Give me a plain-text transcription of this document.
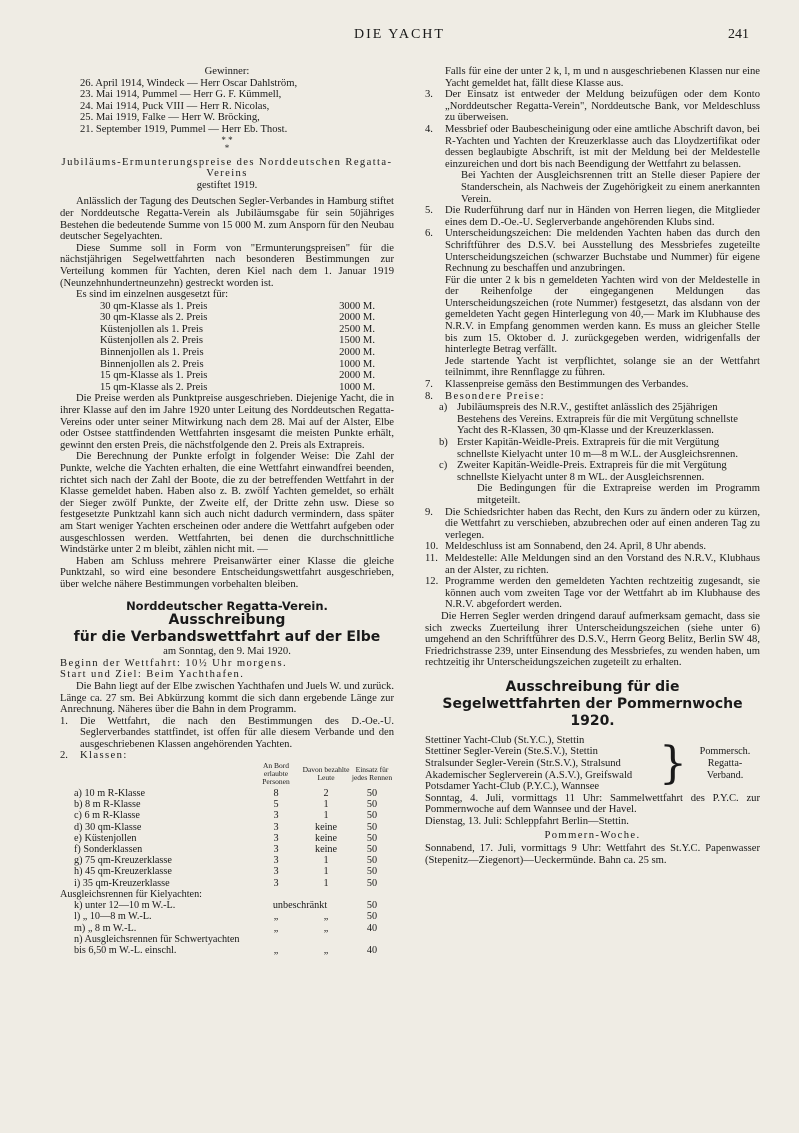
DIE YACHT	241
Gewinner:
26. April 1914, Windeck — Herr Oscar Dahlström,
23. Mai 1914, Pummel — Herr G. F. Kümmell,
24. Mai 1914, Puck VIII — Herr R. Nicolas,
25. Mai 1919, Falke — Herr W. Bröcking,
21. September 1919, Pummel — Herr Eb. Thost.
* *
*
Jubiläums-Ermunterungspreise des Norddeutschen Regatta-Vereins
gestiftet 1919.

Anlässlich der Tagung des Deutschen Segler-Verbandes in Hamburg stiftet der Norddeutsche Regatta-Verein als Jubiläumsgabe für sein 50jähriges Bestehen die bedeutende Summe von 15 000 M. zum Ansporn für den Neubau deutscher Segelyachten.

Diese Summe soll in Form von "Ermunterungspreisen" für die nächstjährigen Segelwettfahrten nach besonderen Bestimmungen zur Verteilung kommen für Yachten, deren Kiel nach dem 1. Januar 1919 (Neunzehnhundertneunzehn) gestreckt worden ist.

Es sind im einzelnen ausgesetzt für:

30 qm-Klasse als 1. Preis	3000 M.
30 qm-Klasse als 2. Preis	2000 M.
Küstenjollen als 1. Preis	2500 M.
Küstenjollen als 2. Preis	1500 M.
Binnenjollen als 1. Preis	2000 M.
Binnenjollen als 2. Preis	1000 M.
15 qm-Klasse als 1. Preis	2000 M.
15 qm-Klasse als 2. Preis	1000 M.

Die Preise werden als Punktpreise ausgeschrieben. Diejenige Yacht, die in ihrer Klasse auf den im Jahre 1920 unter Leitung des Norddeutschen Regatta-Vereins oder unter seiner Mitwirkung nach dem 28. Mai auf der Alster, Elbe oder Ostsee stattfindenden Wettfahrten insgesamt die meisten Punkte erhält, gewinnt den ersten Preis, die nächstfolgende den 2. Preis als Extrapreis.

Die Berechnung der Punkte erfolgt in folgender Weise: Die Zahl der Punkte, welche die Yachten erhalten, die eine Wettfahrt einwandfrei beenden, richtet sich nach der Zahl der Boote, die zu der betreffenden Wettfahrt in der Klasse gemeldet haben. Haben also z. B. zwölf Yachten gemeldet, so erhält der Sieger zwölf Punkte, der Zweite elf, der Dritte zehn usw. Diese so festgesetzte Punktzahl kann sich auch nicht dadurch vermindern, dass später am Start weniger Yachten erscheinen oder andere die Wettfahrt aufgeben oder ausgeschlossen werden. Wettfahrten, bei denen die durchschnittliche Windstärke unter 2 m bleibt, zählen nicht mit. —

Haben am Schluss mehrere Preisanwärter einer Klasse die gleiche Punktzahl, so wird eine besondere Entscheidungswettfahrt ausgeschrieben, über welche nähere Bestimmungen vorbehalten bleiben.

Norddeutscher Regatta-Verein.
Ausschreibung
für die Verbandswettfahrt auf der Elbe
am Sonntag, den 9. Mai 1920.

Beginn der Wettfahrt: 10½ Uhr morgens.

Start und Ziel: Beim Yachthafen.

Die Bahn liegt auf der Elbe zwischen Yachthafen und Juels W. und zurück. Länge ca. 27 sm. Bei Abkürzung kommt die sich dann ergebende Länge zur Anrechnung. Näheres über die Bahn in dem Programm.

1.	Die Wettfahrt, die nach den Bestimmungen des D.-Oe.-U. Seglerverbandes stattfindet, ist offen für alle diesem Verbande und den ausgeschriebenen Klassen angehörenden Yachten.
2.	Klassen:
	An Bord erlaubte Personen	Davon bezahlte Leute	Einsatz für jedes Rennen
a) 10 m R-Klasse	8	2	50
b) 8 m R-Klasse	5	1	50
c) 6 m R-Klasse	3	1	50
d) 30 qm-Klasse	3	keine	50
e) Küstenjollen	3	keine	50
f) Sonderklassen	3	keine	50
g) 75 qm-Kreuzerklasse	3	1	50
h) 45 qm-Kreuzerklasse	3	1	50
i) 35 qm-Kreuzerklasse	3	1	50
Ausgleichsrennen für Kielyachten:			
k) unter 12—10 m W.-L.	unbeschränkt		50
l) „ 10—8 m W.-L.	„	„	50
m) „ 8 m W.-L.	„	„	40
n) Ausgleichsrennen für Schwertyachten bis 6,50 m W.-L. einschl.	„	„	40

Falls für eine der unter 2 k, l, m und n ausgeschriebenen Klassen nur eine Yacht gemeldet hat, fällt diese Klasse aus.

3.	Der Einsatz ist entweder der Meldung beizufügen oder dem Konto „Norddeutscher Regatta-Verein", Norddeutsche Bank, vor Meldeschluss zu überweisen.
4.	Messbrief oder Baubescheinigung oder eine amtliche Abschrift davon, bei R-Yachten und Yachten der Kreuzerklasse auch das Lloydzertifikat oder dessen beglaubigte Abschrift, ist mit der Meldung bei der Meldestelle einzureichen und dort bis nach Beendigung der Wettfahrt zu belassen.
Bei Yachten der Ausgleichsrennen tritt an Stelle dieser Papiere der Standerschein, als Nachweis der Zugehörigkeit zu einem anerkannten Verein.
5.	Die Ruderführung darf nur in Händen von Herren liegen, die Mitglieder eines dem D.-Oe.-U. Seglerverbande angehörenden Klubs sind.
6.	Unterscheidungszeichen: Die meldenden Yachten haben das durch den Schriftführer des D.S.V. bei Ausstellung des Messbriefes zugeteilte Unterscheidungszeichen (schwarzer Buchstabe und Nummer) für eigene Rechnung zu beschaffen und anzubringen.
Für die unter 2 k bis n gemeldeten Yachten wird von der Meldestelle in der Reihenfolge der eingegangenen Meldungen das Unterscheidungszeichen (rote Nummer) festgesetzt, das alsdann von der gemeldeten Yacht gegen Hinterlegung von 40,— Mark im Klubhause des N.R.V. in Empfang genommen werden kann. Es muss an gleicher Stelle bis zum 15. Oktober d. J. zurückgegeben werden, widrigenfalls der hinterlegte Betrag verfällt.
Jede startende Yacht ist verpflichtet, solange sie an der Wettfahrt teilnimmt, ihre Rennflagge zu führen.
7.	Klassenpreise gemäss den Bestimmungen des Verbandes.
8.	Besondere Preise:
a) Jubiläumspreis des N.R.V., gestiftet anlässlich des 25jährigen Bestehens des Vereins. Extrapreis für die mit Vergütung schnellste Yacht des R-Klassen, 30 qm-Klasse und der Kreuzerklassen.
b) Erster Kapitän-Weidle-Preis. Extrapreis für die mit Vergütung schnellste Kielyacht unter 10 m—8 m W.L. der Ausgleichsrennen.
c) Zweiter Kapitän-Weidle-Preis. Extrapreis für die mit Vergütung schnellste Kielyacht unter 8 m WL. der Ausgleichsrennen.

Die Bedingungen für die Extrapreise werden im Programm mitgeteilt.

9.	Die Schiedsrichter haben das Recht, den Kurs zu ändern oder zu kürzen, die Wettfahrt zu verschieben, abzubrechen oder auf einen anderen Tag zu verlegen.
10. Meldeschluss ist am Sonnabend, den 24. April, 8 Uhr abends.
11. Meldestelle: Alle Meldungen sind an den Vorstand des N.R.V., Klubhaus an der Alster, zu richten.
12. Programme werden den gemeldeten Yachten rechtzeitig zugesandt, sie können auch vom zweiten Tage vor der Wettfahrt ab im Klubhause des N.R.V. abgefordert werden.

Die Herren Segler werden dringend darauf aufmerksam gemacht, dass sie sich zwecks Zuerteilung ihrer Unterscheidungszeichen (siehe unter 6) umgehend an den Schriftführer des D.S.V., Herrn Georg Belitz, Berlin SW 48, Friedrichstrasse 239, unter Einsendung des Messbriefes, zu wenden haben, um rechtzeitig ihr Unterscheidungszeichen zugeteilt zu erhalten.

Ausschreibung für die
Segelwettfahrten der Pommernwoche 1920.
Stettiner Yacht-Club (St.Y.C.), Stettin
Stettiner Segler-Verein (Ste.S.V.), Stettin
Stralsunder Segler-Verein (Str.S.V.), Stralsund
Akademischer Seglerverein (A.S.V.), Greifswald
Potsdamer Yacht-Club (P.Y.C.), Wannsee	}	Pommersch. Regatta-Verband.

Sonntag, 4. Juli, vormittags 11 Uhr: Sammelwettfahrt des P.Y.C. zur Pommernwoche auf dem Wannsee und der Havel.

Dienstag, 13. Juli: Schleppfahrt Berlin—Stettin.

Pommern-Woche.

Sonnabend, 17. Juli, vormittags 9 Uhr: Wettfahrt des St.Y.C. Papenwasser (Stepenitz—Ziegenort)—Ueckermünde. Bahn ca. 25 sm.
